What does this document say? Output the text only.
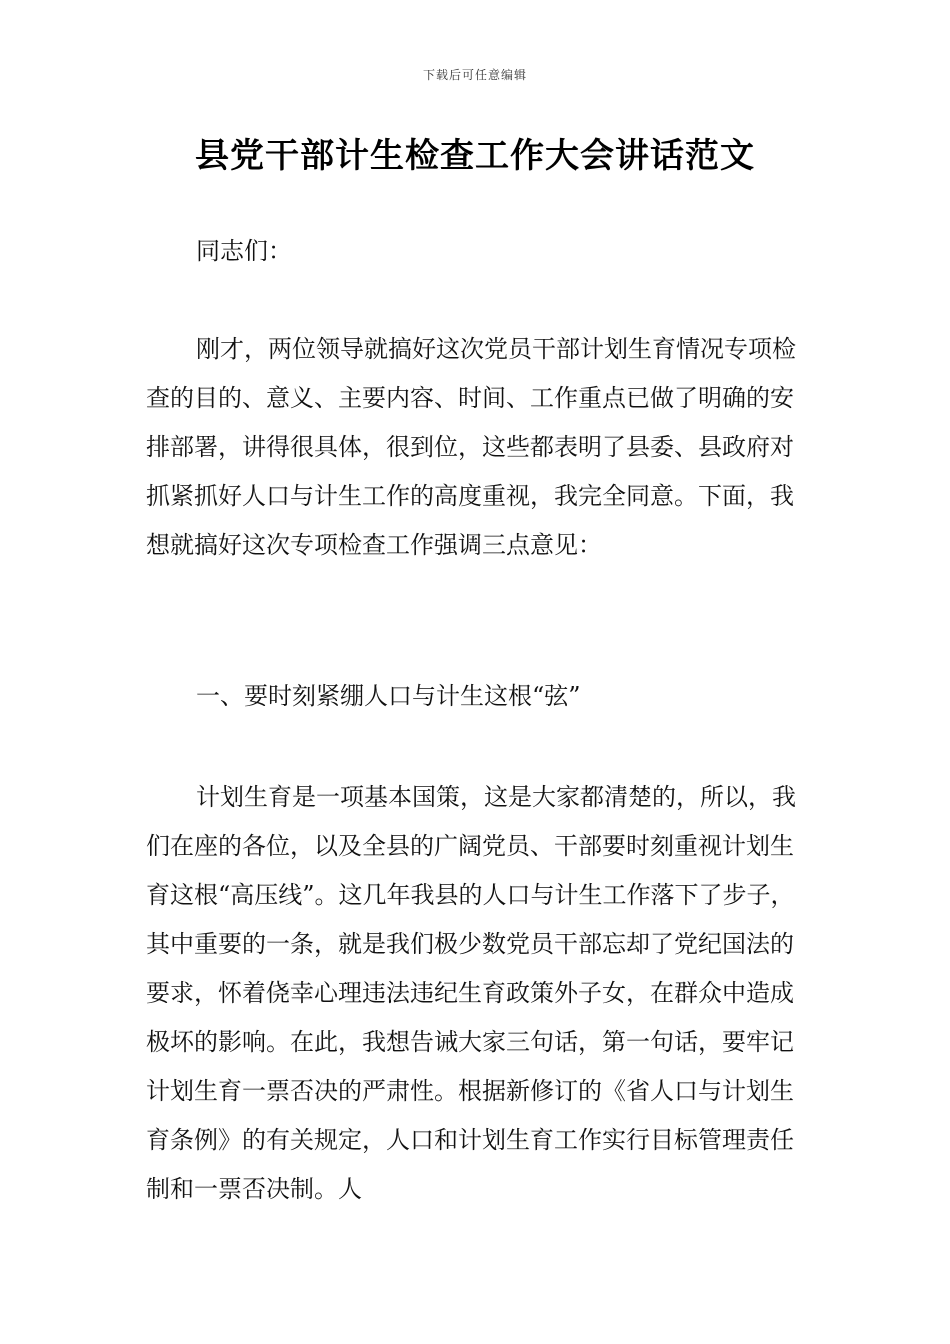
下载后可任意编辑
县党干部计生检查工作大会讲话范文

同志们：

刚才，两位领导就搞好这次党员干部计划生育情况专项检查的目的、意义、主要内容、时间、工作重点已做了明确的安排部署，讲得很具体，很到位，这些都表明了县委、县政府对抓紧抓好人口与计生工作的高度重视，我完全同意。下面，我想就搞好这次专项检查工作强调三点意见：

一、要时刻紧绷人口与计生这根“弦”

计划生育是一项基本国策，这是大家都清楚的，所以，我们在座的各位，以及全县的广阔党员、干部要时刻重视计划生育这根“高压线”。这几年我县的人口与计生工作落下了步子，其中重要的一条，就是我们极少数党员干部忘却了党纪国法的要求，怀着侥幸心理违法违纪生育政策外子女，在群众中造成极坏的影响。在此，我想告诫大家三句话，第一句话，要牢记计划生育一票否决的严肃性。根据新修订的《省人口与计划生育条例》的有关规定，人口和计划生育工作实行目标管理责任制和一票否决制。人
